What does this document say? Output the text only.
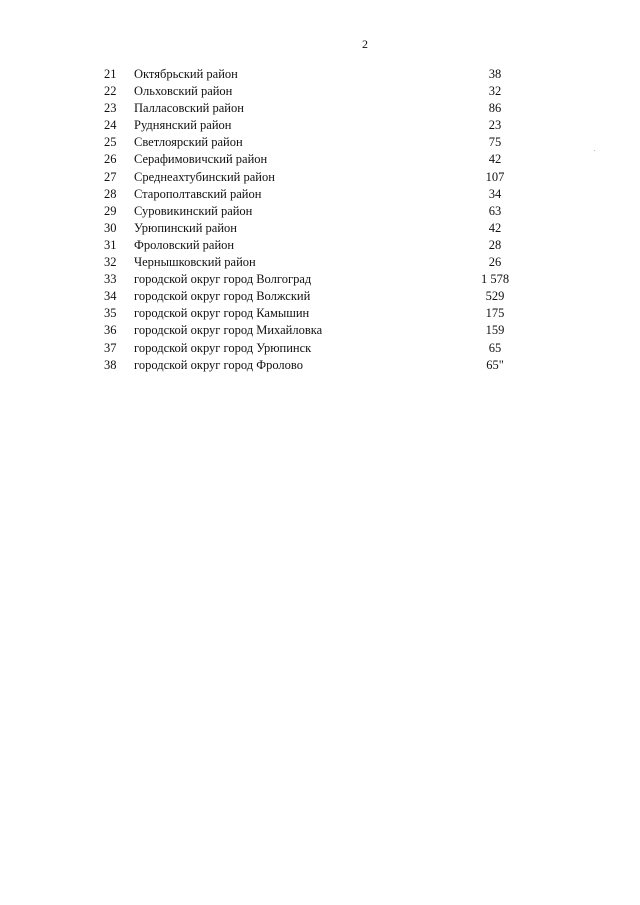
2
21	Октябрьский район	38
22	Ольховский район	32
23	Палласовский район	86
24	Руднянский район	23
25	Светлоярский район	75
26	Серафимовичский район	42
27	Среднеахтубинский район	107
28	Старополтавский район	34
29	Суровикинский район	63
30	Урюпинский район	42
31	Фроловский район	28
32	Чернышковский район	26
33	городской округ город Волгоград	1 578
34	городской округ город Волжский	529
35	городской округ город Камышин	175
36	городской округ город Михайловка	159
37	городской округ город Урюпинск	65
38	городской округ город Фролово	65"
